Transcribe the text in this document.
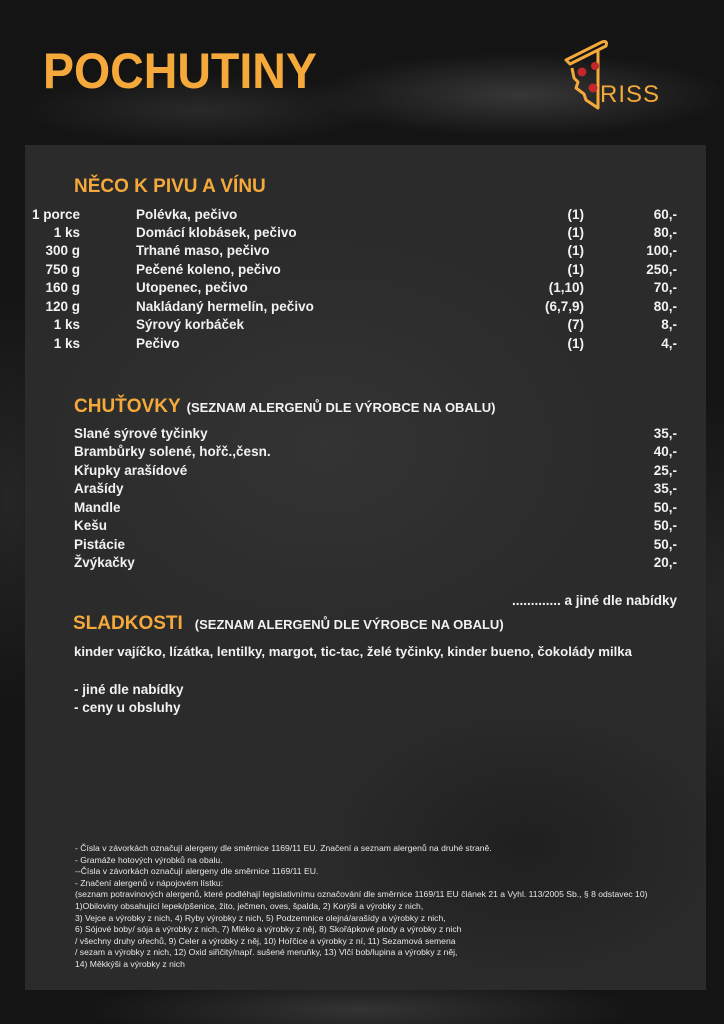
POCHUTINY	RISS
NĚCO K PIVU A VÍNU
1 porce	Polévka, pečivo	(1)	60,-
1 ks	Domácí klobásek, pečivo	(1)	80,-
300 g	Trhané maso, pečivo	(1)	100,-
750 g	Pečené koleno, pečivo	(1)	250,-
160 g	Utopenec, pečivo	(1,10)	70,-
120 g	Nakládaný hermelín, pečivo	(6,7,9)	80,-
1 ks	Sýrový korbáček	(7)	8,-
1 ks	Pečivo	(1)	4,-
CHUŤOVKY (SEZNAM ALERGENŮ DLE VÝROBCE NA OBALU)
Slané sýrové tyčinky	35,-
Brambůrky solené, hořč.,česn.	40,-
Křupky arašídové	25,-
Arašídy	35,-
Mandle	50,-
Kešu	50,-
Pistácie	50,-
Žvýkačky	20,-
............. a jiné dle nabídky
SLADKOSTI (SEZNAM ALERGENŮ DLE VÝROBCE NA OBALU)
kinder vajíčko, lízátka, lentilky, margot, tic-tac, želé tyčinky, kinder bueno, čokolády milka
- jiné dle nabídky
- ceny u obsluhy
- Čísla v závorkách označují alergeny dle směrnice 1169/11 EU. Značení a seznam alergenů na druhé straně.
- Gramáže hotových výrobků na obalu.
--Čísla v závorkách označují alergeny dle směrnice 1169/11 EU.
- Značení alergenů v nápojovém lístku:
(seznam potravinových alergenů, které podléhají legislativnímu označování dle směrnice 1169/11 EU článek 21 a Vyhl. 113/2005 Sb., § 8 odstavec 10)
1)Obiloviny obsahující lepek/pšenice, žito, ječmen, oves, špalda, 2) Korýši a výrobky z nich,
3) Vejce a výrobky z nich, 4) Ryby výrobky z nich, 5) Podzemnice olejná/arašídy a výrobky z nich,
6) Sójové boby/ sója a výrobky z nich, 7) Mléko a výrobky z něj, 8) Skořápkové plody a výrobky z nich
/ všechny druhy ořechů, 9) Celer a výrobky z něj, 10) Hořčice a výrobky z ní, 11) Sezamová semena
/ sezam a výrobky z nich, 12) Oxid siřičitý/např. sušené meruňky, 13) Vlčí bob/lupina a výrobky z něj,
14) Měkkýši a výrobky z nich
